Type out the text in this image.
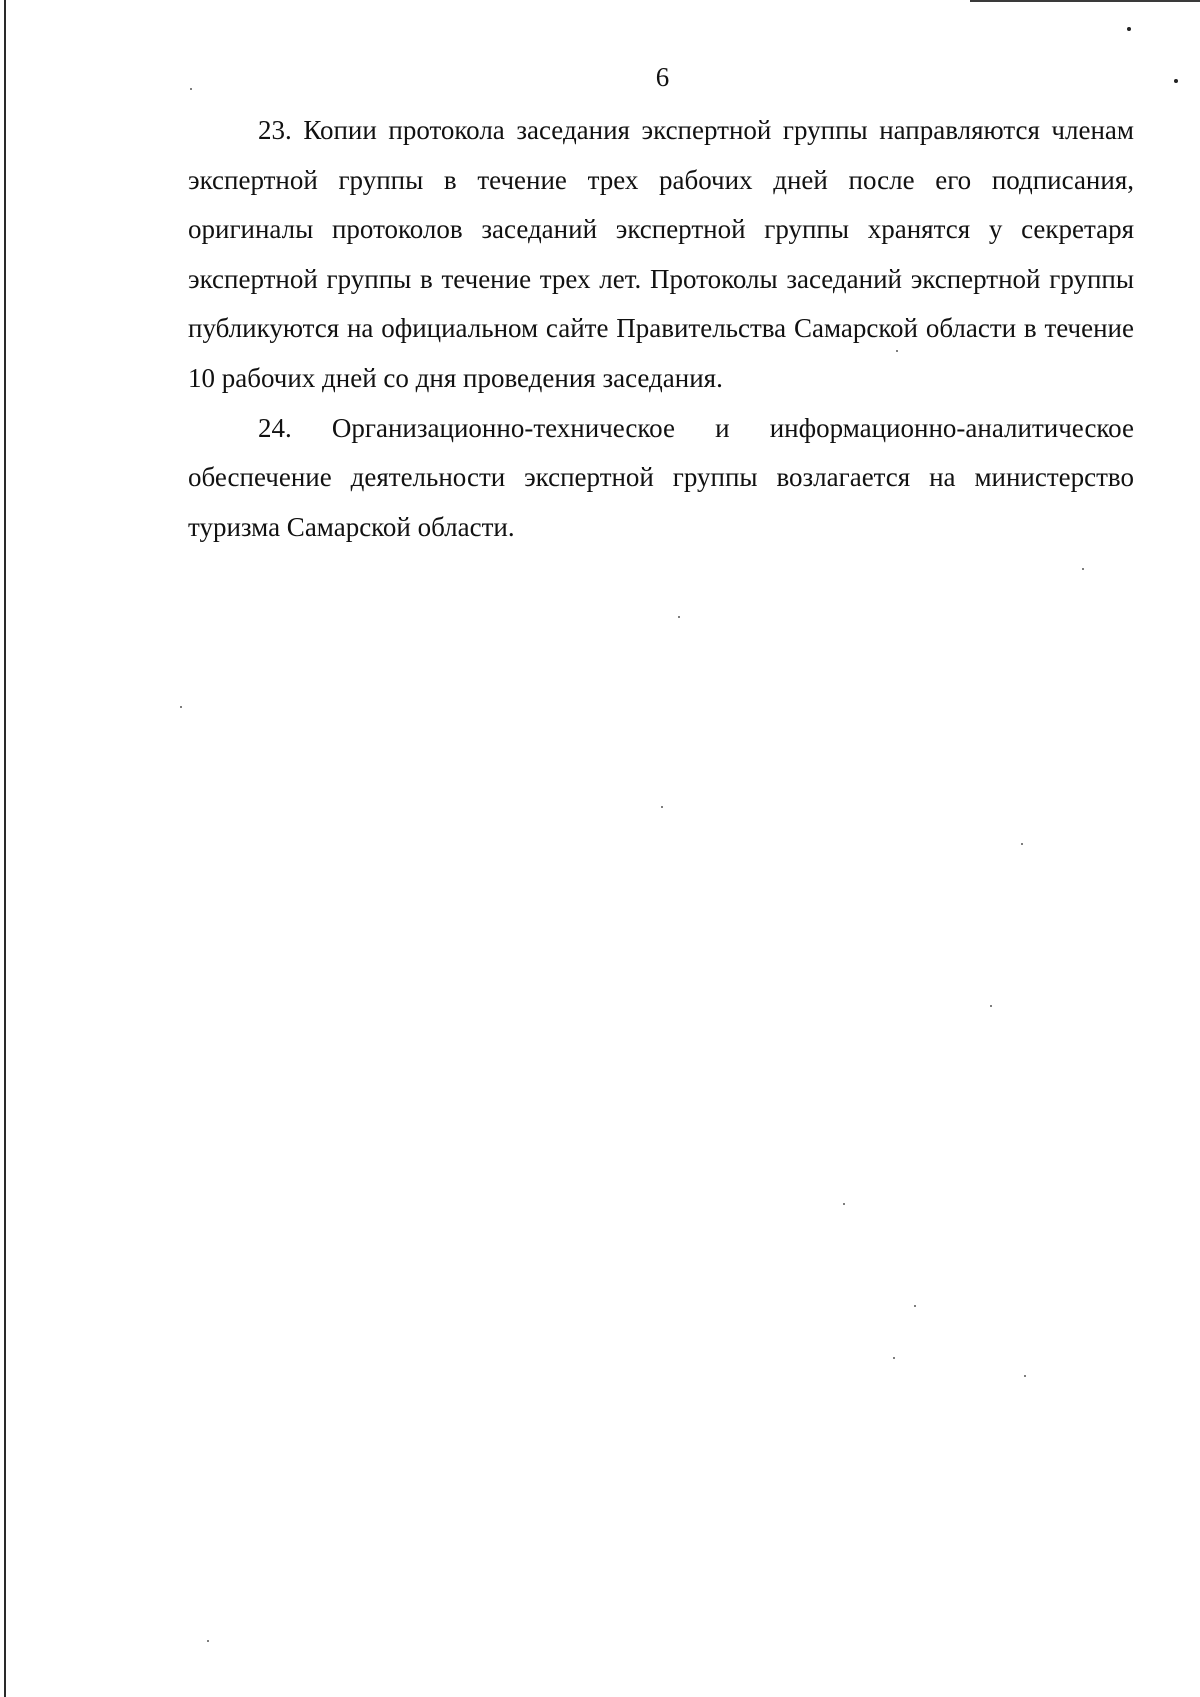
6

23. Копии протокола заседания экспертной группы направляются членам экспертной группы в течение трех рабочих дней после его подписания, оригиналы протоколов заседаний экспертной группы хранятся у секретаря экспертной группы в течение трех лет. Протоколы заседаний экспертной группы публикуются на официальном сайте Правительства Самарской области в течение 10 рабочих дней со дня проведения заседания.

24. Организационно-техническое и информационно-аналитическое обеспечение деятельности экспертной группы возлагается на министерство туризма Самарской области.
